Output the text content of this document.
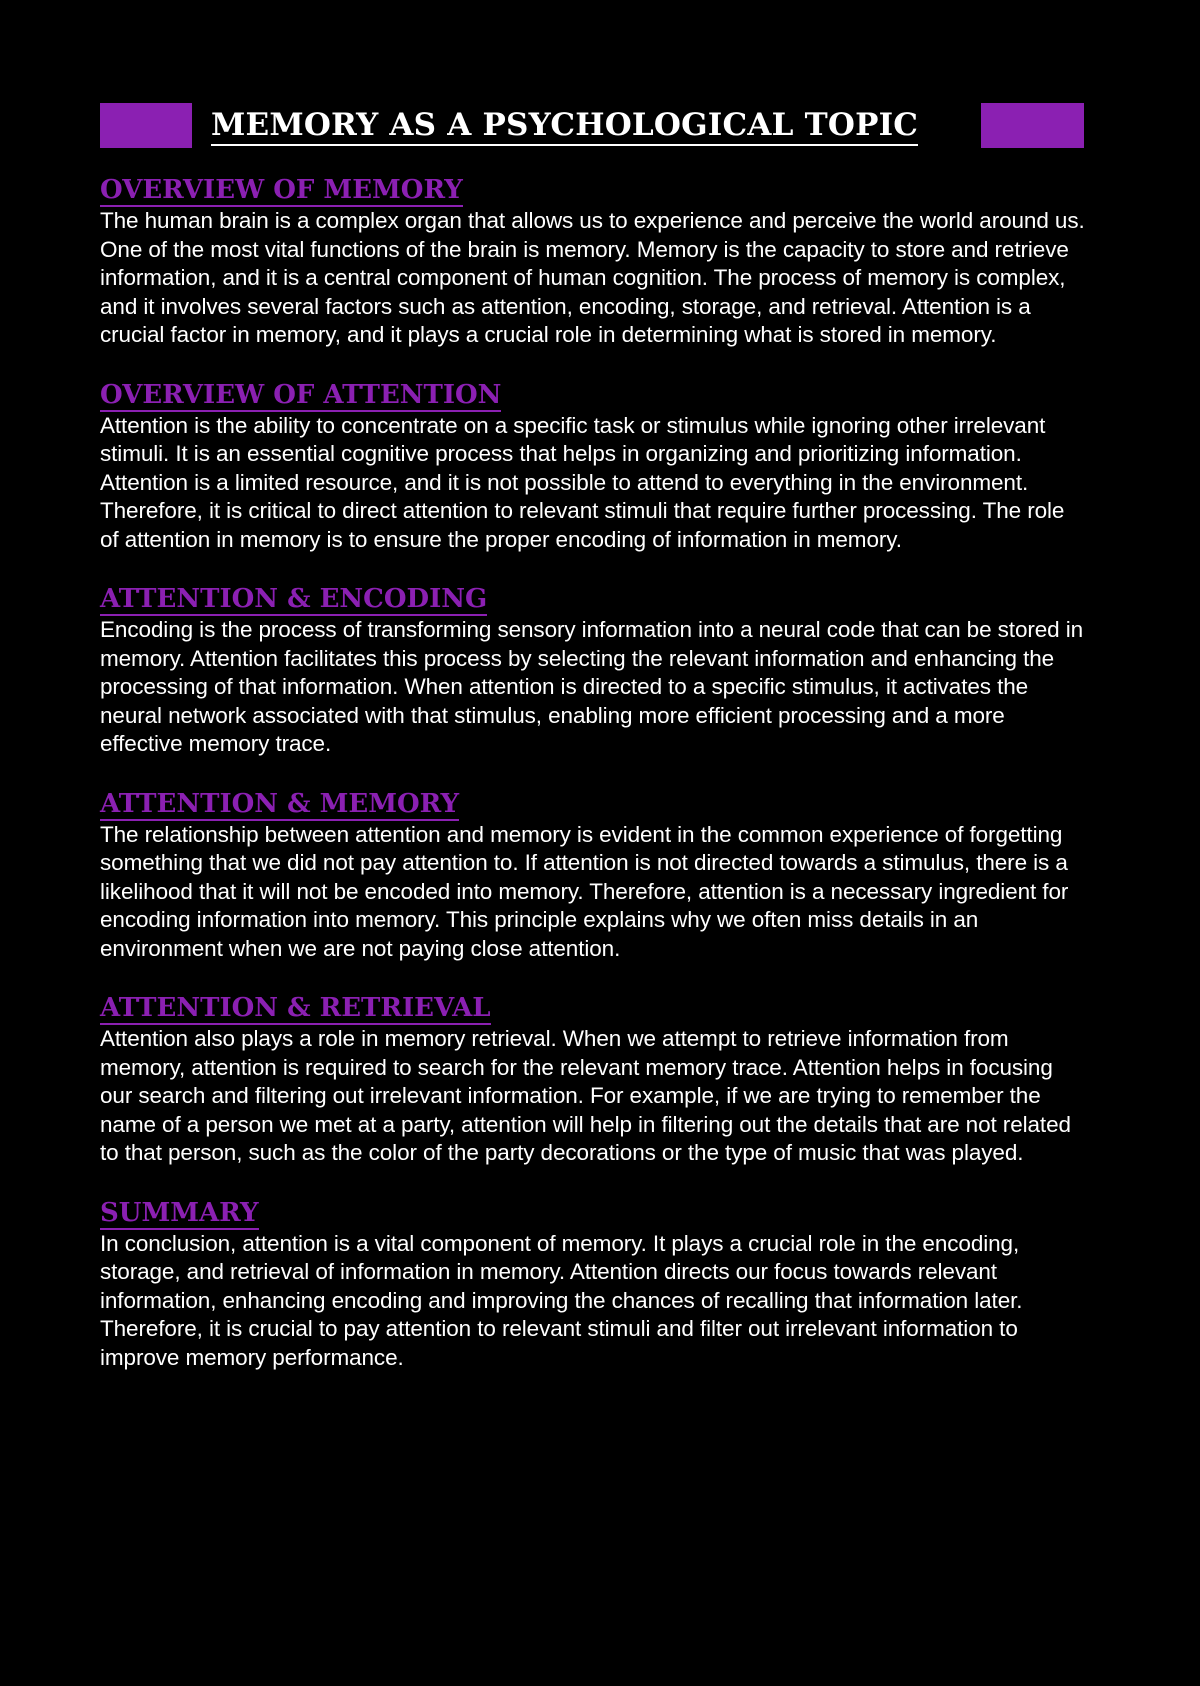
MEMORY AS A PSYCHOLOGICAL TOPIC
OVERVIEW OF MEMORY

The human brain is a complex organ that allows us to experience and perceive the world around us. One of the most vital functions of the brain is memory. Memory is the capacity to store and retrieve information, and it is a central component of human cognition. The process of memory is complex, and it involves several factors such as attention, encoding, storage, and retrieval. Attention is a crucial factor in memory, and it plays a crucial role in determining what is stored in memory.

OVERVIEW OF ATTENTION

Attention is the ability to concentrate on a specific task or stimulus while ignoring other irrelevant stimuli. It is an essential cognitive process that helps in organizing and prioritizing information. Attention is a limited resource, and it is not possible to attend to everything in the environment. Therefore, it is critical to direct attention to relevant stimuli that require further processing. The role of attention in memory is to ensure the proper encoding of information in memory.

ATTENTION & ENCODING

Encoding is the process of transforming sensory information into a neural code that can be stored in memory. Attention facilitates this process by selecting the relevant information and enhancing the processing of that information. When attention is directed to a specific stimulus, it activates the neural network associated with that stimulus, enabling more efficient processing and a more effective memory trace.

ATTENTION & MEMORY

The relationship between attention and memory is evident in the common experience of forgetting something that we did not pay attention to. If attention is not directed towards a stimulus, there is a likelihood that it will not be encoded into memory. Therefore, attention is a necessary ingredient for encoding information into memory. This principle explains why we often miss details in an environment when we are not paying close attention.

ATTENTION & RETRIEVAL

Attention also plays a role in memory retrieval. When we attempt to retrieve information from memory, attention is required to search for the relevant memory trace. Attention helps in focusing our search and filtering out irrelevant information. For example, if we are trying to remember the name of a person we met at a party, attention will help in filtering out the details that are not related to that person, such as the color of the party decorations or the type of music that was played.

SUMMARY

In conclusion, attention is a vital component of memory. It plays a crucial role in the encoding, storage, and retrieval of information in memory. Attention directs our focus towards relevant information, enhancing encoding and improving the chances of recalling that information later. Therefore, it is crucial to pay attention to relevant stimuli and filter out irrelevant information to improve memory performance.
